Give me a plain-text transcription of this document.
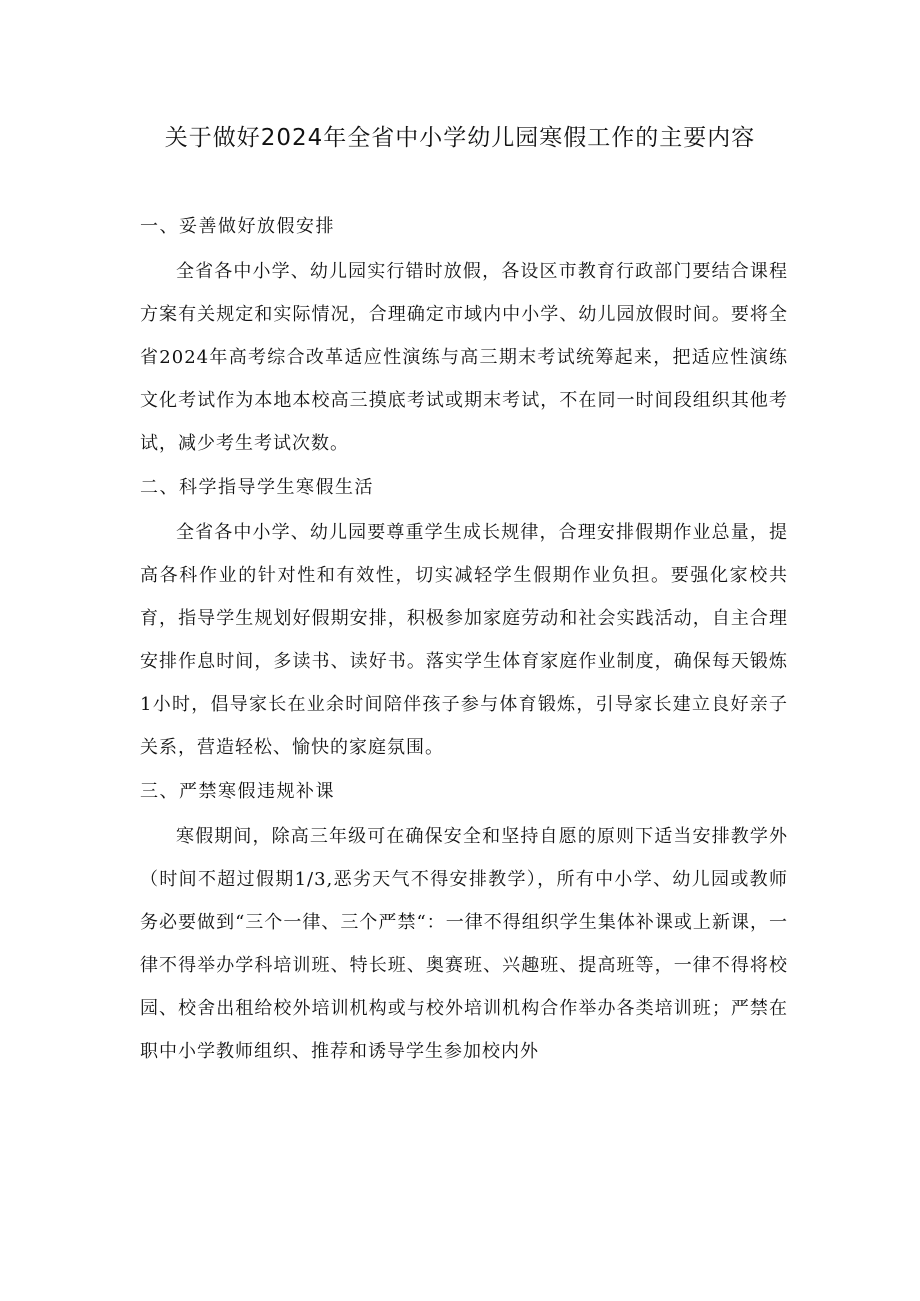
关于做好2024年全省中小学幼儿园寒假工作的主要内容
一、妥善做好放假安排

全省各中小学、幼儿园实行错时放假，各设区市教育行政部门要结合课程方案有关规定和实际情况，合理确定市域内中小学、幼儿园放假时间。要将全省2024年高考综合改革适应性演练与高三期末考试统筹起来，把适应性演练文化考试作为本地本校高三摸底考试或期末考试，不在同一时间段组织其他考试，减少考生考试次数。

二、科学指导学生寒假生活

全省各中小学、幼儿园要尊重学生成长规律，合理安排假期作业总量，提高各科作业的针对性和有效性，切实减轻学生假期作业负担。要强化家校共育，指导学生规划好假期安排，积极参加家庭劳动和社会实践活动，自主合理安排作息时间，多读书、读好书。落实学生体育家庭作业制度，确保每天锻炼1小时，倡导家长在业余时间陪伴孩子参与体育锻炼，引导家长建立良好亲子关系，营造轻松、愉快的家庭氛围。

三、严禁寒假违规补课

寒假期间，除高三年级可在确保安全和坚持自愿的原则下适当安排教学外（时间不超过假期1/3,恶劣天气不得安排教学），所有中小学、幼儿园或教师务必要做到“三个一律、三个严禁“：一律不得组织学生集体补课或上新课，一律不得举办学科培训班、特长班、奥赛班、兴趣班、提高班等，一律不得将校园、校舍出租给校外培训机构或与校外培训机构合作举办各类培训班；严禁在职中小学教师组织、推荐和诱导学生参加校内外
